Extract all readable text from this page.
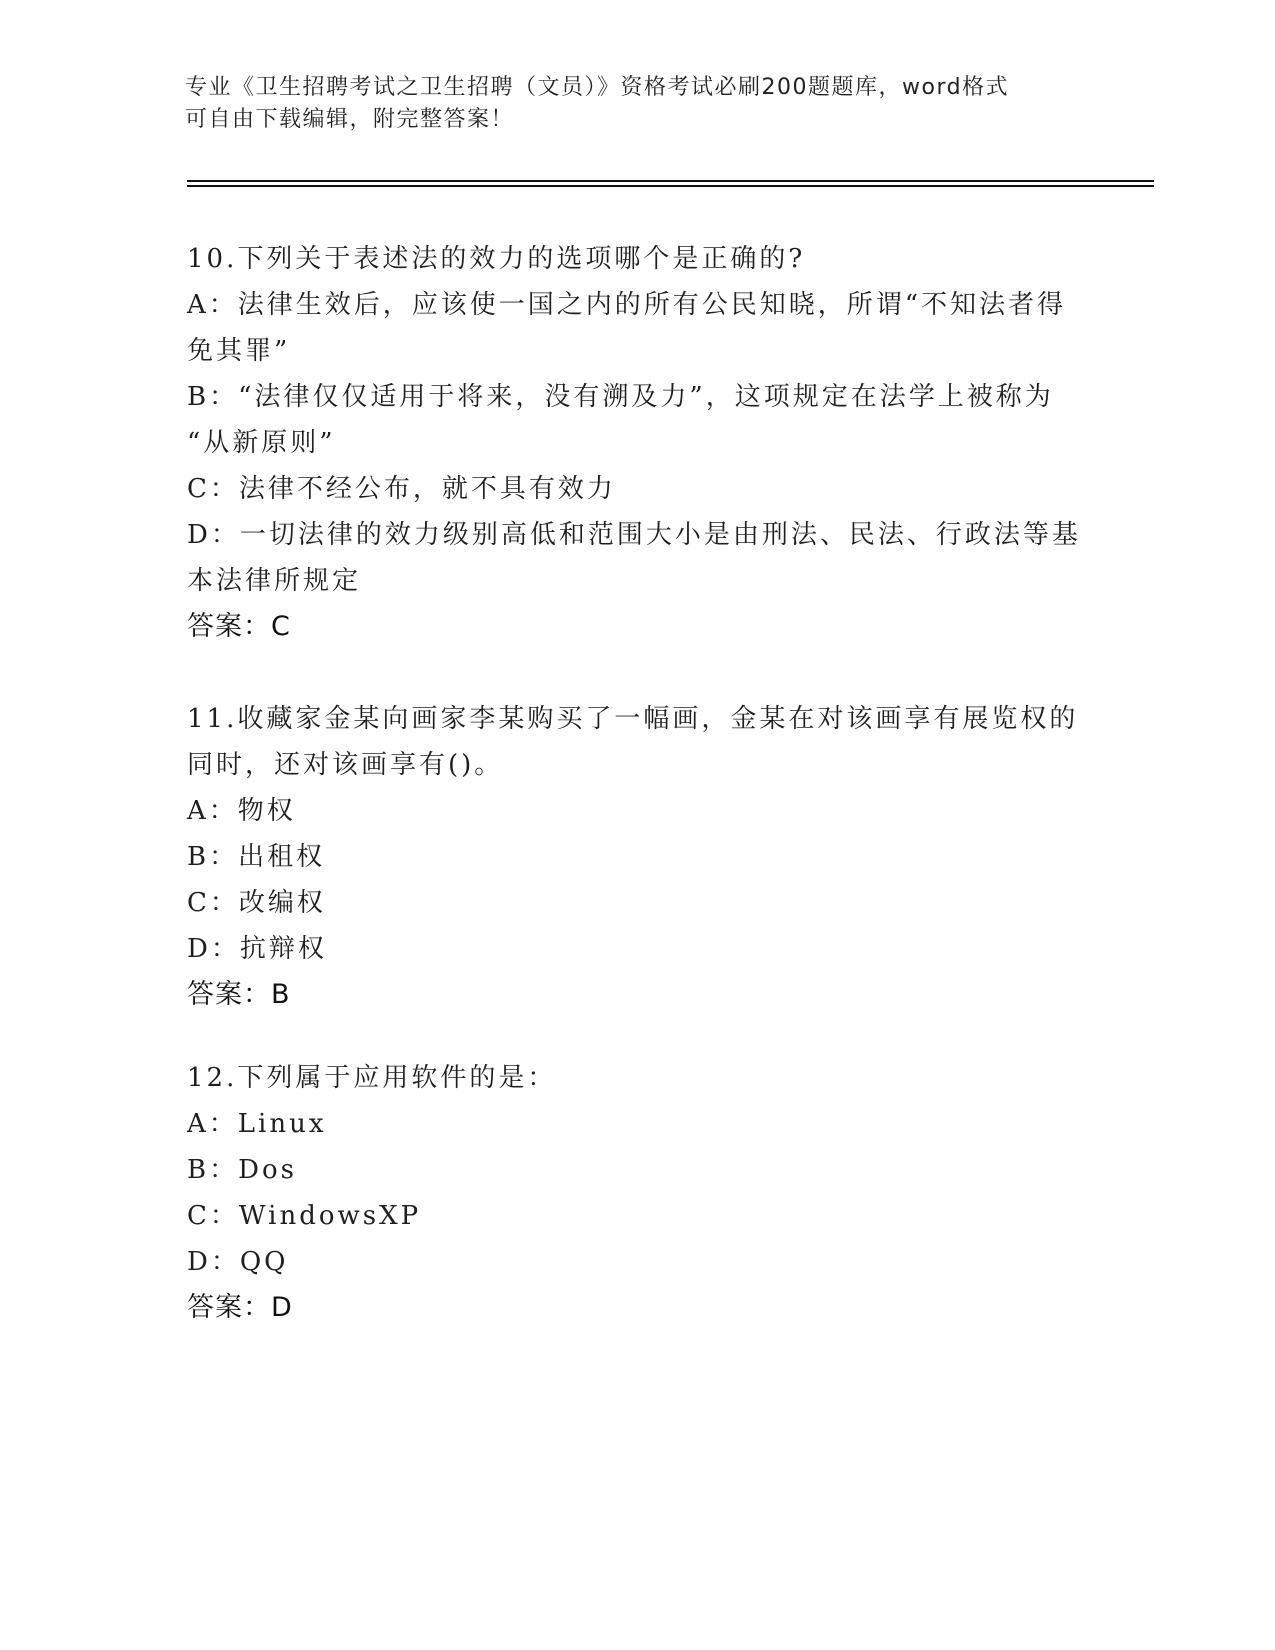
专业《卫生招聘考试之卫生招聘（文员）》资格考试必刷200题题库，word格式
可自由下载编辑，附完整答案！
10.下列关于表述法的效力的选项哪个是正确的?
A：法律生效后，应该使一国之内的所有公民知晓，所谓“不知法者得
免其罪”
B：“法律仅仅适用于将来，没有溯及力”，这项规定在法学上被称为
“从新原则”
C：法律不经公布，就不具有效力
D：一切法律的效力级别高低和范围大小是由刑法、民法、行政法等基
本法律所规定
答案：C
11.收藏家金某向画家李某购买了一幅画，金某在对该画享有展览权的
同时，还对该画享有()。
A：物权
B：出租权
C：改编权
D：抗辩权
答案：B
12.下列属于应用软件的是：
A：Linux
B：Dos
C：WindowsXP
D：QQ
答案：D
